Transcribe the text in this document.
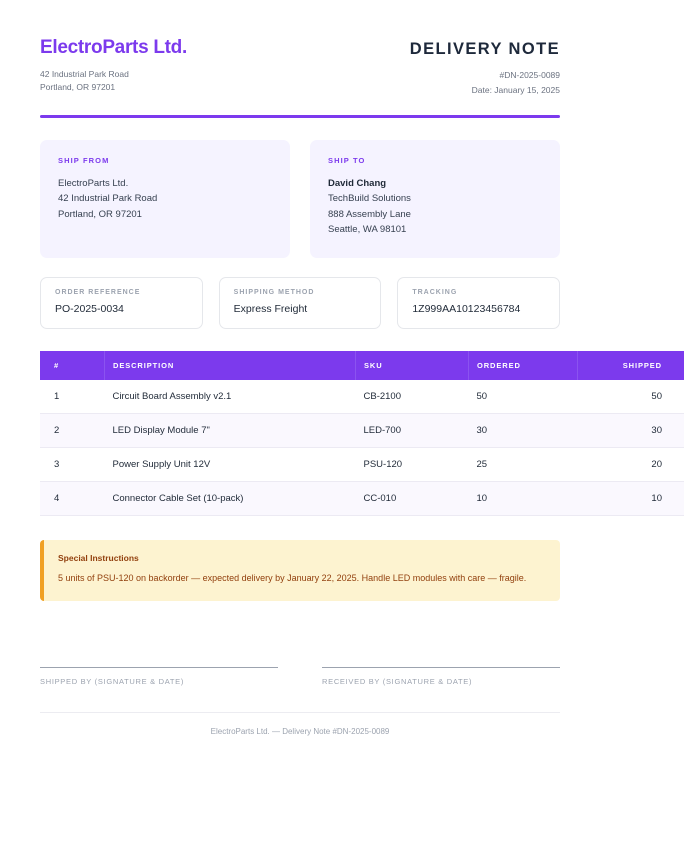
ElectroParts Ltd.
42 Industrial Park Road
Portland, OR 97201
DELIVERY NOTE
#DN-2025-0089
Date: January 15, 2025
SHIP FROM
ElectroParts Ltd.
42 Industrial Park Road
Portland, OR 97201
SHIP TO
David Chang
TechBuild Solutions
888 Assembly Lane
Seattle, WA 98101
ORDER REFERENCE
PO-2025-0034
SHIPPING METHOD
Express Freight
TRACKING
1Z999AA10123456784
#	DESCRIPTION	SKU	ORDERED	SHIPPED
1	Circuit Board Assembly v2.1	CB-2100	50	50
2	LED Display Module 7"	LED-700	30	30
3	Power Supply Unit 12V	PSU-120	25	20
4	Connector Cable Set (10-pack)	CC-010	10	10
Special Instructions
5 units of PSU-120 on backorder — expected delivery by January 22, 2025. Handle LED modules with care — fragile.
SHIPPED BY (SIGNATURE & DATE)	RECEIVED BY (SIGNATURE & DATE)
ElectroParts Ltd. — Delivery Note #DN-2025-0089
